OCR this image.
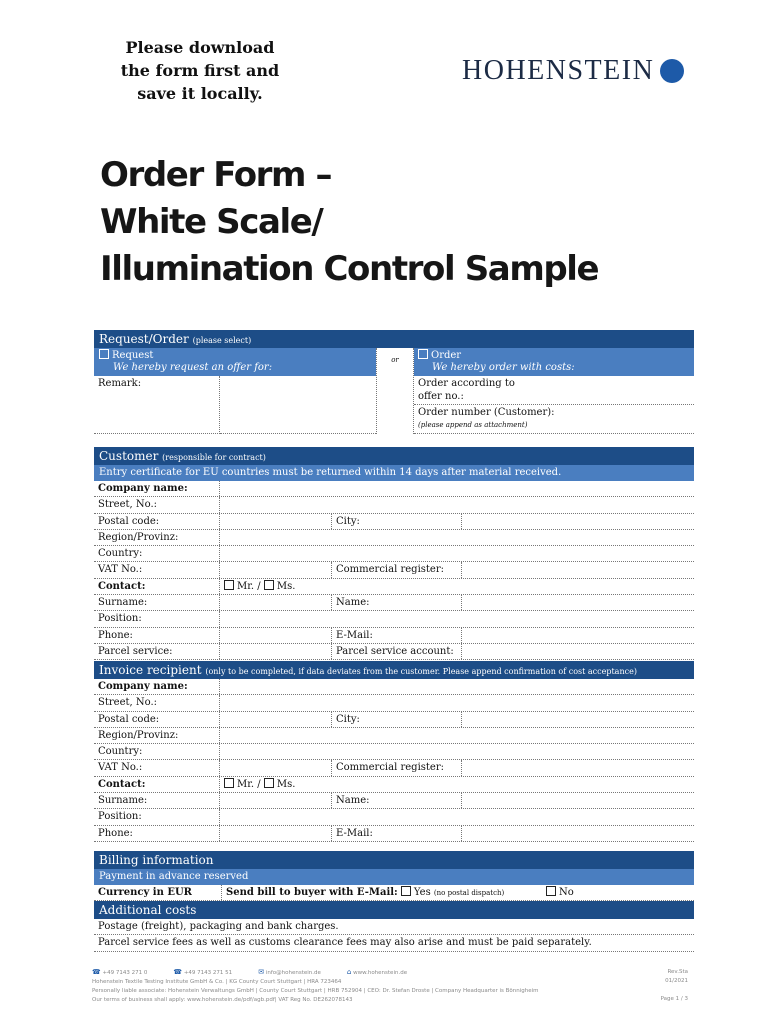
Please download
the form first and
save it locally.
HOHENSTEIN
Order Form –
White Scale/
Illumination Control Sample
Request/Order (please select)
Request
We hereby request an offer for:
or	Order
We hereby order with costs:
Remark:	Order according to
offer no.:
Order number (Customer):
(please append as attachment)
Customer (responsible for contract)
Entry certificate for EU countries must be returned within 14 days after material received.
Company name:
Street, No.:
Postal code:	City:
Region/Provinz:
Country:
VAT No.:	Commercial register:
Contact:	Mr. / Ms.
Surname:	Name:
Position:
Phone:	E-Mail:
Parcel service:	Parcel service account:
Invoice recipient (only to be completed, if data deviates from the customer. Please append confirmation of cost acceptance)
Company name:
Street, No.:
Postal code:	City:
Region/Provinz:
Country:
VAT No.:	Commercial register:
Contact:	Mr. / Ms.
Surname:	Name:
Position:
Phone:	E-Mail:
Billing information
Payment in advance reserved
Currency in EUR	Send bill to buyer with E-Mail: Yes (no postal dispatch)	No
Additional costs
Postage (freight), packaging and bank charges.
Parcel service fees as well as customs clearance fees may also arise and must be paid separately.
☎ +49 7143 271 0	☎ +49 7143 271 51	✉ info@hohenstein.de	⌂ www.hohenstein.de
Hohenstein Textile Testing Institute GmbH & Co. | KG County Court Stuttgart | HRA 723464
Personally liable associate: Hohenstein Verwaltungs GmbH | County Court Stuttgart | HRB 752904 | CEO: Dr. Stefan Droste | Company Headquarter is Bönnigheim
Our terms of business shall apply: www.hohenstein.de/pdf/agb.pdf| VAT Reg No. DE262078143
Rev.Sta
01/2021
Page 1 / 3
